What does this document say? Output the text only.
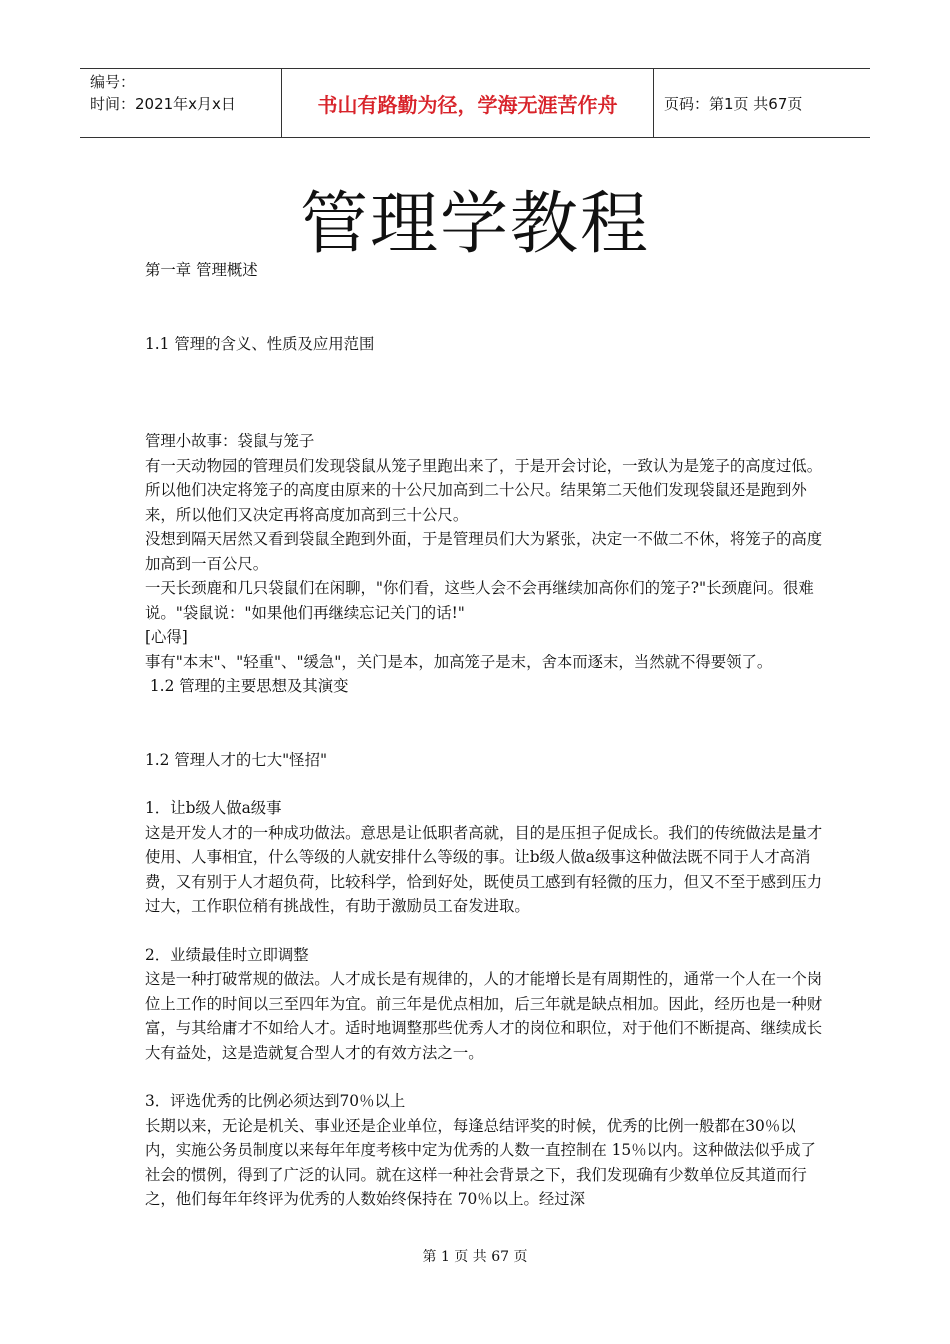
编号：
时间：2021年x月x日	书山有路勤为径，学海无涯苦作舟	页码：第1页 共67页
管理学教程

第一章 管理概述

1.1 管理的含义、性质及应用范围

管理小故事：袋鼠与笼子

有一天动物园的管理员们发现袋鼠从笼子里跑出来了，于是开会讨论，一致认为是笼子的高度过低。所以他们决定将笼子的高度由原来的十公尺加高到二十公尺。结果第二天他们发现袋鼠还是跑到外来，所以他们又决定再将高度加高到三十公尺。

没想到隔天居然又看到袋鼠全跑到外面，于是管理员们大为紧张，决定一不做二不休，将笼子的高度加高到一百公尺。

一天长颈鹿和几只袋鼠们在闲聊，"你们看，这些人会不会再继续加高你们的笼子?"长颈鹿问。很难说。"袋鼠说："如果他们再继续忘记关门的话!"

[心得]

事有"本末"、"轻重"、"缓急"，关门是本，加高笼子是末，舍本而逐末，当然就不得要领了。

1.2 管理的主要思想及其演变

1.2 管理人才的七大"怪招"

1．让b级人做a级事

这是开发人才的一种成功做法。意思是让低职者高就，目的是压担子促成长。我们的传统做法是量才使用、人事相宜，什么等级的人就安排什么等级的事。让b级人做a级事这种做法既不同于人才高消费，又有别于人才超负荷，比较科学，恰到好处，既使员工感到有轻微的压力，但又不至于感到压力过大，工作职位稍有挑战性，有助于激励员工奋发进取。

2．业绩最佳时立即调整

这是一种打破常规的做法。人才成长是有规律的，人的才能增长是有周期性的，通常一个人在一个岗位上工作的时间以三至四年为宜。前三年是优点相加，后三年就是缺点相加。因此，经历也是一种财富，与其给庸才不如给人才。适时地调整那些优秀人才的岗位和职位，对于他们不断提高、继续成长大有益处，这是造就复合型人才的有效方法之一。

3．评选优秀的比例必须达到70％以上

长期以来，无论是机关、事业还是企业单位，每逢总结评奖的时候，优秀的比例一般都在30％以内，实施公务员制度以来每年年度考核中定为优秀的人数一直控制在 15％以内。这种做法似乎成了社会的惯例，得到了广泛的认同。就在这样一种社会背景之下，我们发现确有少数单位反其道而行之，他们每年年终评为优秀的人数始终保持在 70％以上。经过深

第 1 页 共 67 页
